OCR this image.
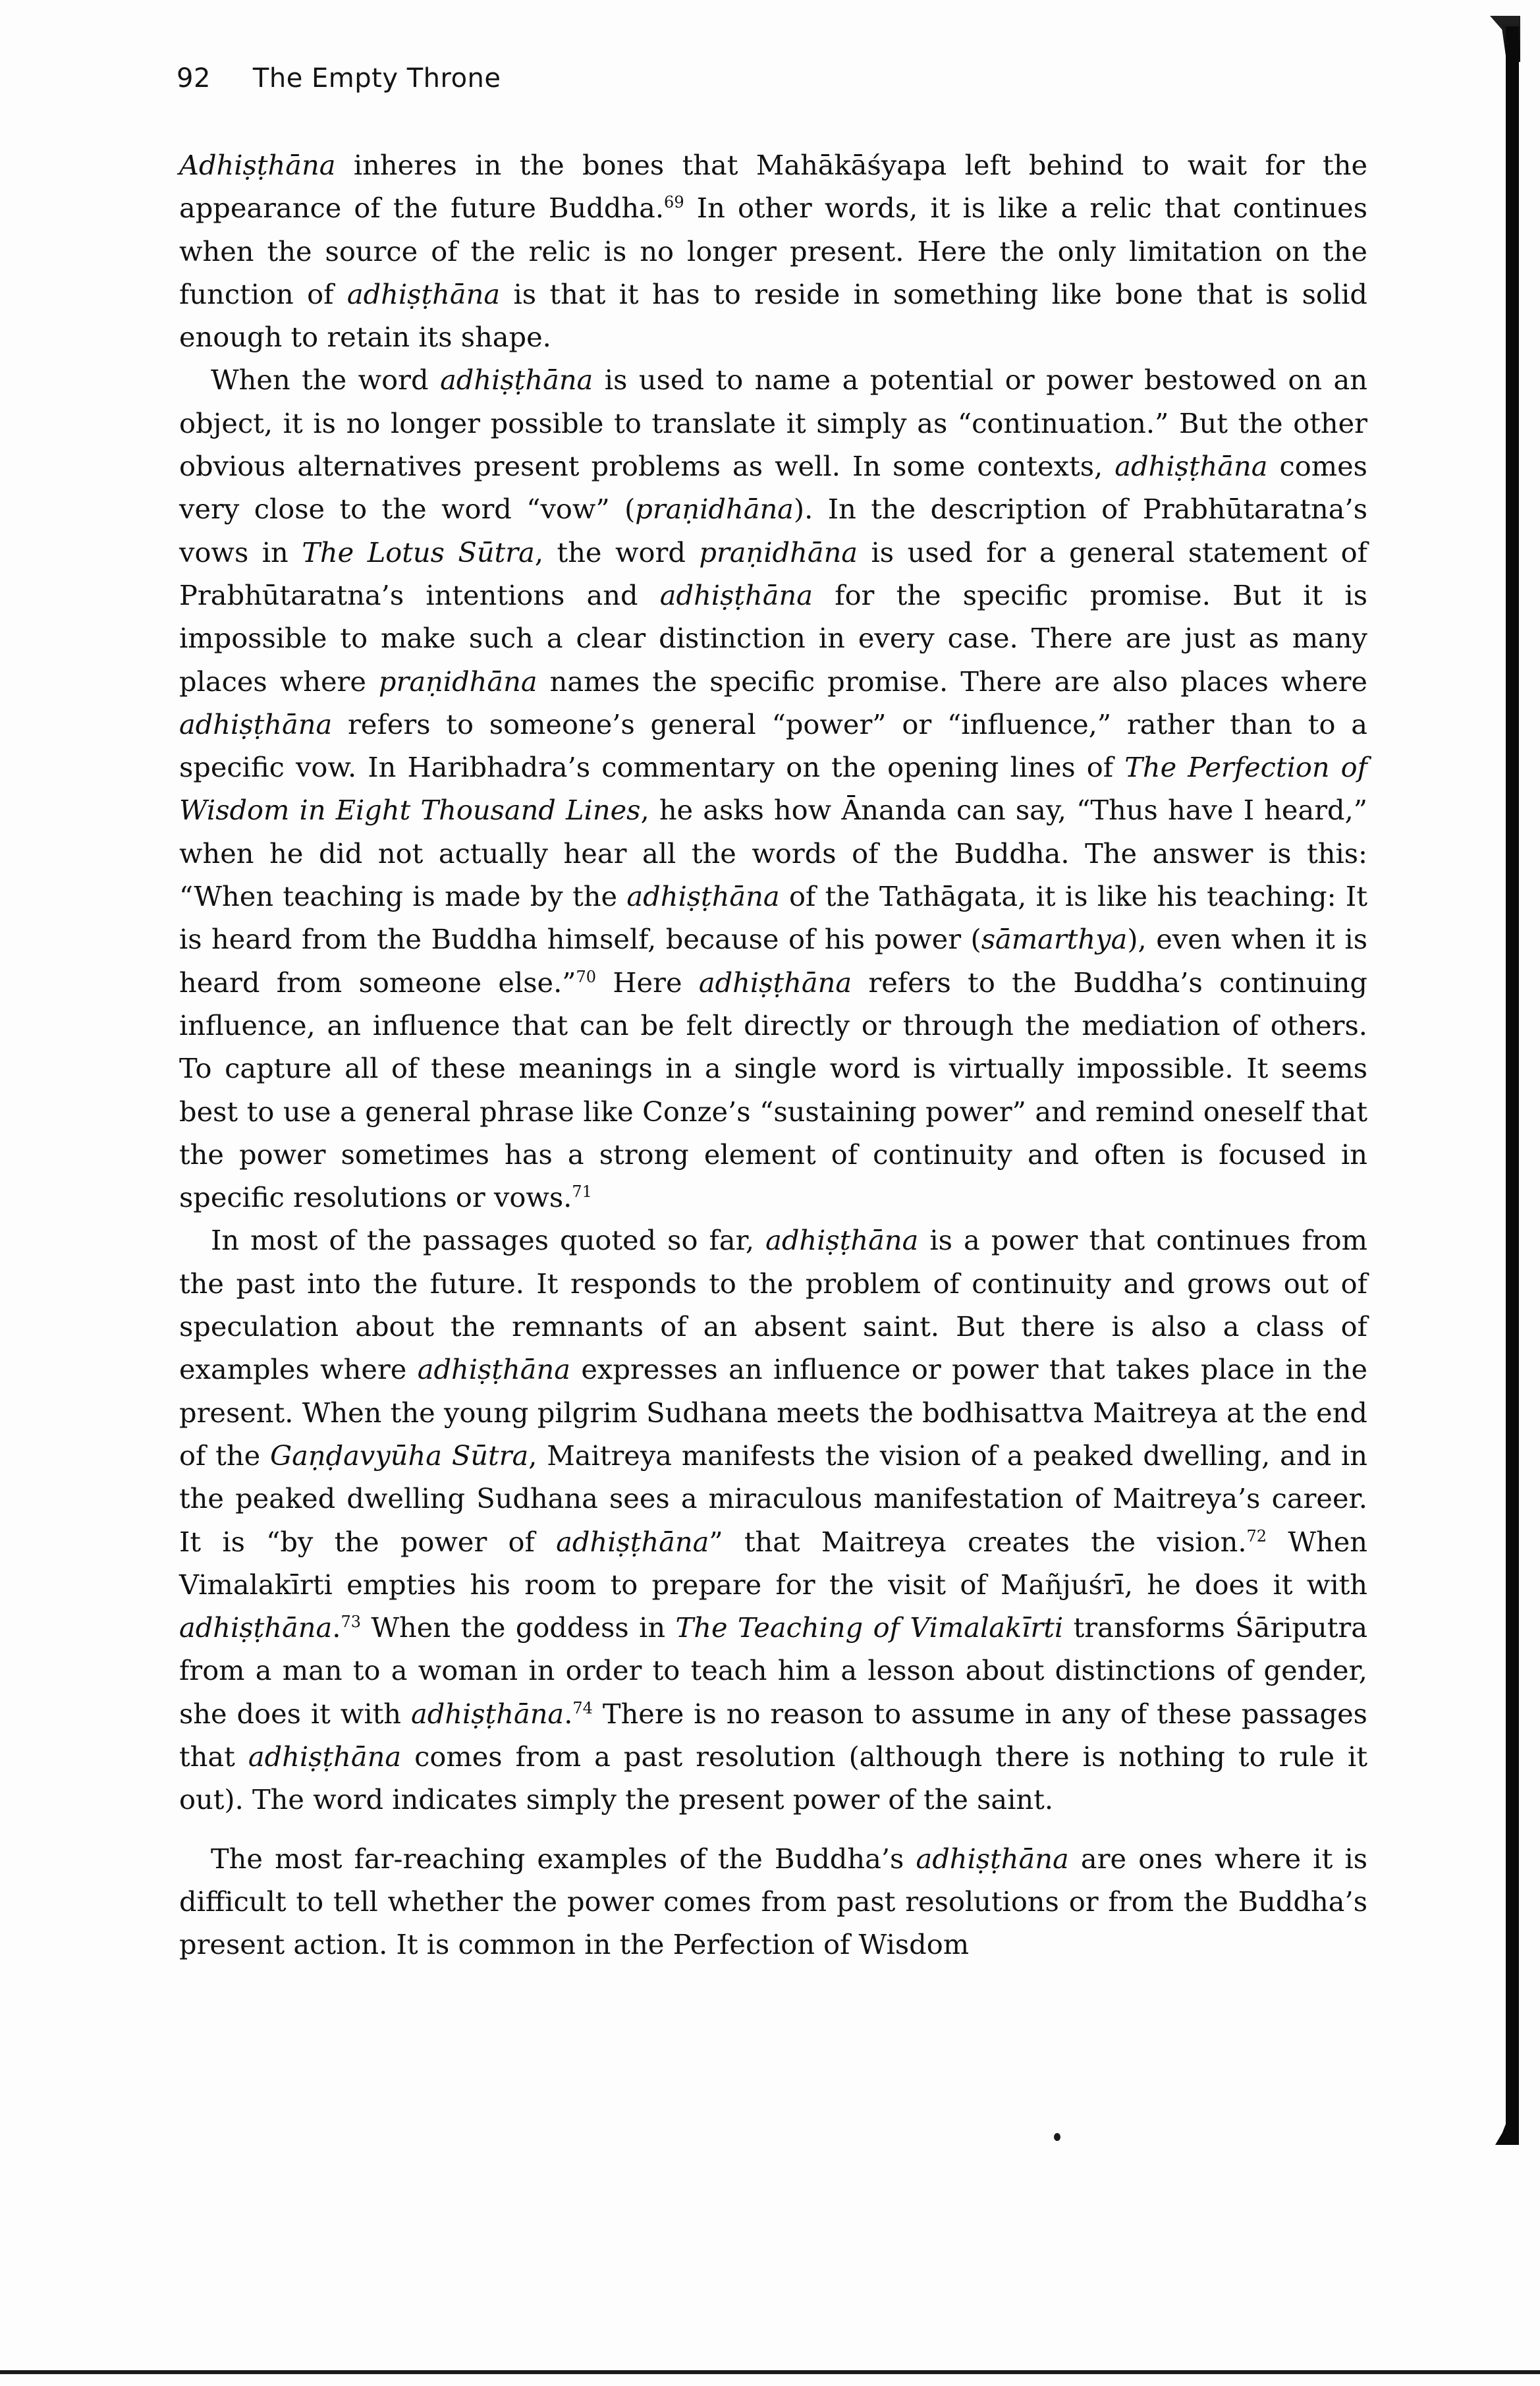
92 The Empty Throne

Adhiṣṭhāna inheres in the bones that Mahākāśyapa left behind to wait for the appearance of the future Buddha.$^{69}$ In other words, it is like a relic that continues when the source of the relic is no longer present. Here the only limitation on the function of adhiṣṭhāna is that it has to reside in something like bone that is solid enough to retain its shape.

When the word adhiṣṭhāna is used to name a potential or power bestowed on an object, it is no longer possible to translate it simply as “continuation.” But the other obvious alternatives present problems as well. In some contexts, adhiṣṭhāna comes very close to the word “vow” (praṇidhāna). In the description of Prabhūtaratna’s vows in The Lotus Sūtra, the word praṇidhāna is used for a general statement of Prabhūtaratna’s intentions and adhiṣṭhāna for the specific promise. But it is impossible to make such a clear distinction in every case. There are just as many places where praṇidhāna names the specific promise. There are also places where adhiṣṭhāna refers to someone’s general “power” or “influence,” rather than to a specific vow. In Haribhadra’s commentary on the opening lines of The Perfection of Wisdom in Eight Thousand Lines, he asks how Ānanda can say, “Thus have I heard,” when he did not actually hear all the words of the Buddha. The answer is this: “When teaching is made by the adhiṣṭhāna of the Tathāgata, it is like his teaching: It is heard from the Buddha himself, because of his power (sāmarthya), even when it is heard from someone else.”$^{70}$ Here adhiṣṭhāna refers to the Buddha’s continuing influence, an influence that can be felt directly or through the mediation of others. To capture all of these meanings in a single word is virtually impossible. It seems best to use a general phrase like Conze’s “sustaining power” and remind oneself that the power sometimes has a strong element of continuity and often is focused in specific resolutions or vows.$^{71}$

In most of the passages quoted so far, adhiṣṭhāna is a power that continues from the past into the future. It responds to the problem of continuity and grows out of speculation about the remnants of an absent saint. But there is also a class of examples where adhiṣṭhāna expresses an influence or power that takes place in the present. When the young pilgrim Sudhana meets the bodhisattva Maitreya at the end of the Gaṇḍavyūha Sūtra, Maitreya manifests the vision of a peaked dwelling, and in the peaked dwelling Sudhana sees a miraculous manifestation of Maitreya’s career. It is “by the power of adhiṣṭhāna” that Maitreya creates the vision.$^{72}$ When Vimalakīrti empties his room to prepare for the visit of Mañjuśrī, he does it with adhiṣṭhāna.$^{73}$ When the goddess in The Teaching of Vimalakīrti transforms Śāriputra from a man to a woman in order to teach him a lesson about distinctions of gender, she does it with adhiṣṭhāna.$^{74}$ There is no reason to assume in any of these passages that adhiṣṭhāna comes from a past resolution (although there is nothing to rule it out). The word indicates simply the present power of the saint.

The most far-reaching examples of the Buddha’s adhiṣṭhāna are ones where it is difficult to tell whether the power comes from past resolutions or from the Buddha’s present action. It is common in the Perfection of Wisdom
